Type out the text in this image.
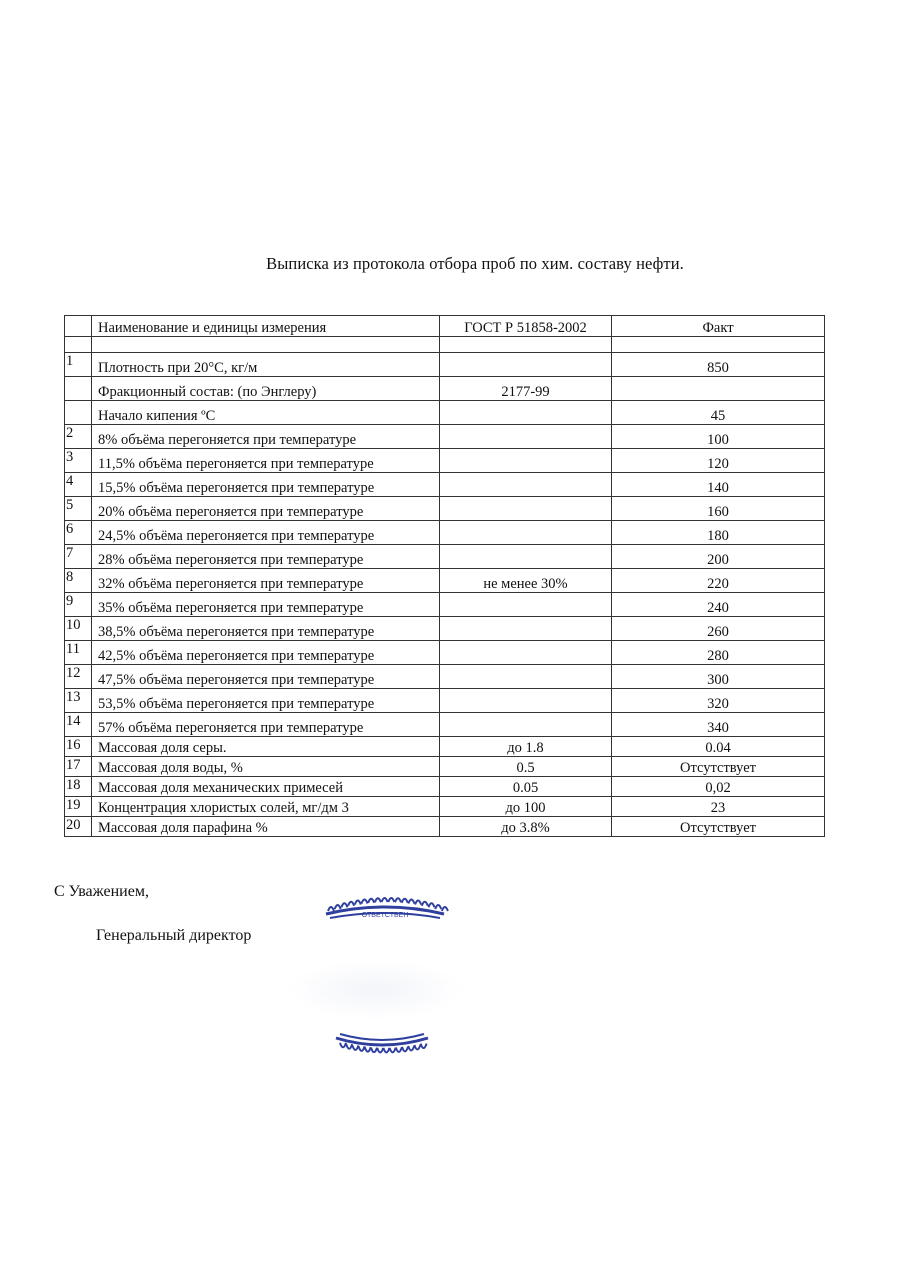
Выписка из протокола отбора проб по хим. составу нефти.
	Наименование и единицы измерения	ГОСТ Р 51858-2002	Факт

1	Плотность при 20°С, кг/м		850
	Фракционный состав: (по Энглеру)	2177-99	
	Начало кипения ºС		45
2	8% объёма перегоняется при температуре		100
3	11,5% объёма перегоняется при температуре		120
4	15,5% объёма перегоняется при температуре		140
5	20% объёма перегоняется при температуре		160
6	24,5% объёма перегоняется при температуре		180
7	28% объёма перегоняется при температуре		200
8	32% объёма перегоняется при температуре	не менее 30%	220
9	35% объёма перегоняется при температуре		240
10	38,5% объёма перегоняется при температуре		260
11	42,5% объёма перегоняется при температуре		280
12	47,5% объёма перегоняется при температуре		300
13	53,5% объёма перегоняется при температуре		320
14	57% объёма перегоняется при температуре		340
16	Массовая доля серы.	до 1.8	0.04
17	Массовая доля воды, %	0.5	Отсутствует
18	Массовая доля механических примесей	0.05	0,02
19	Концентрация хлористых солей, мг/дм 3	до 100	23
20	Массовая доля парафина %	до 3.8%	Отсутствует
С Уважением,
Генеральный директор
ОТВЕТСТВЕН
